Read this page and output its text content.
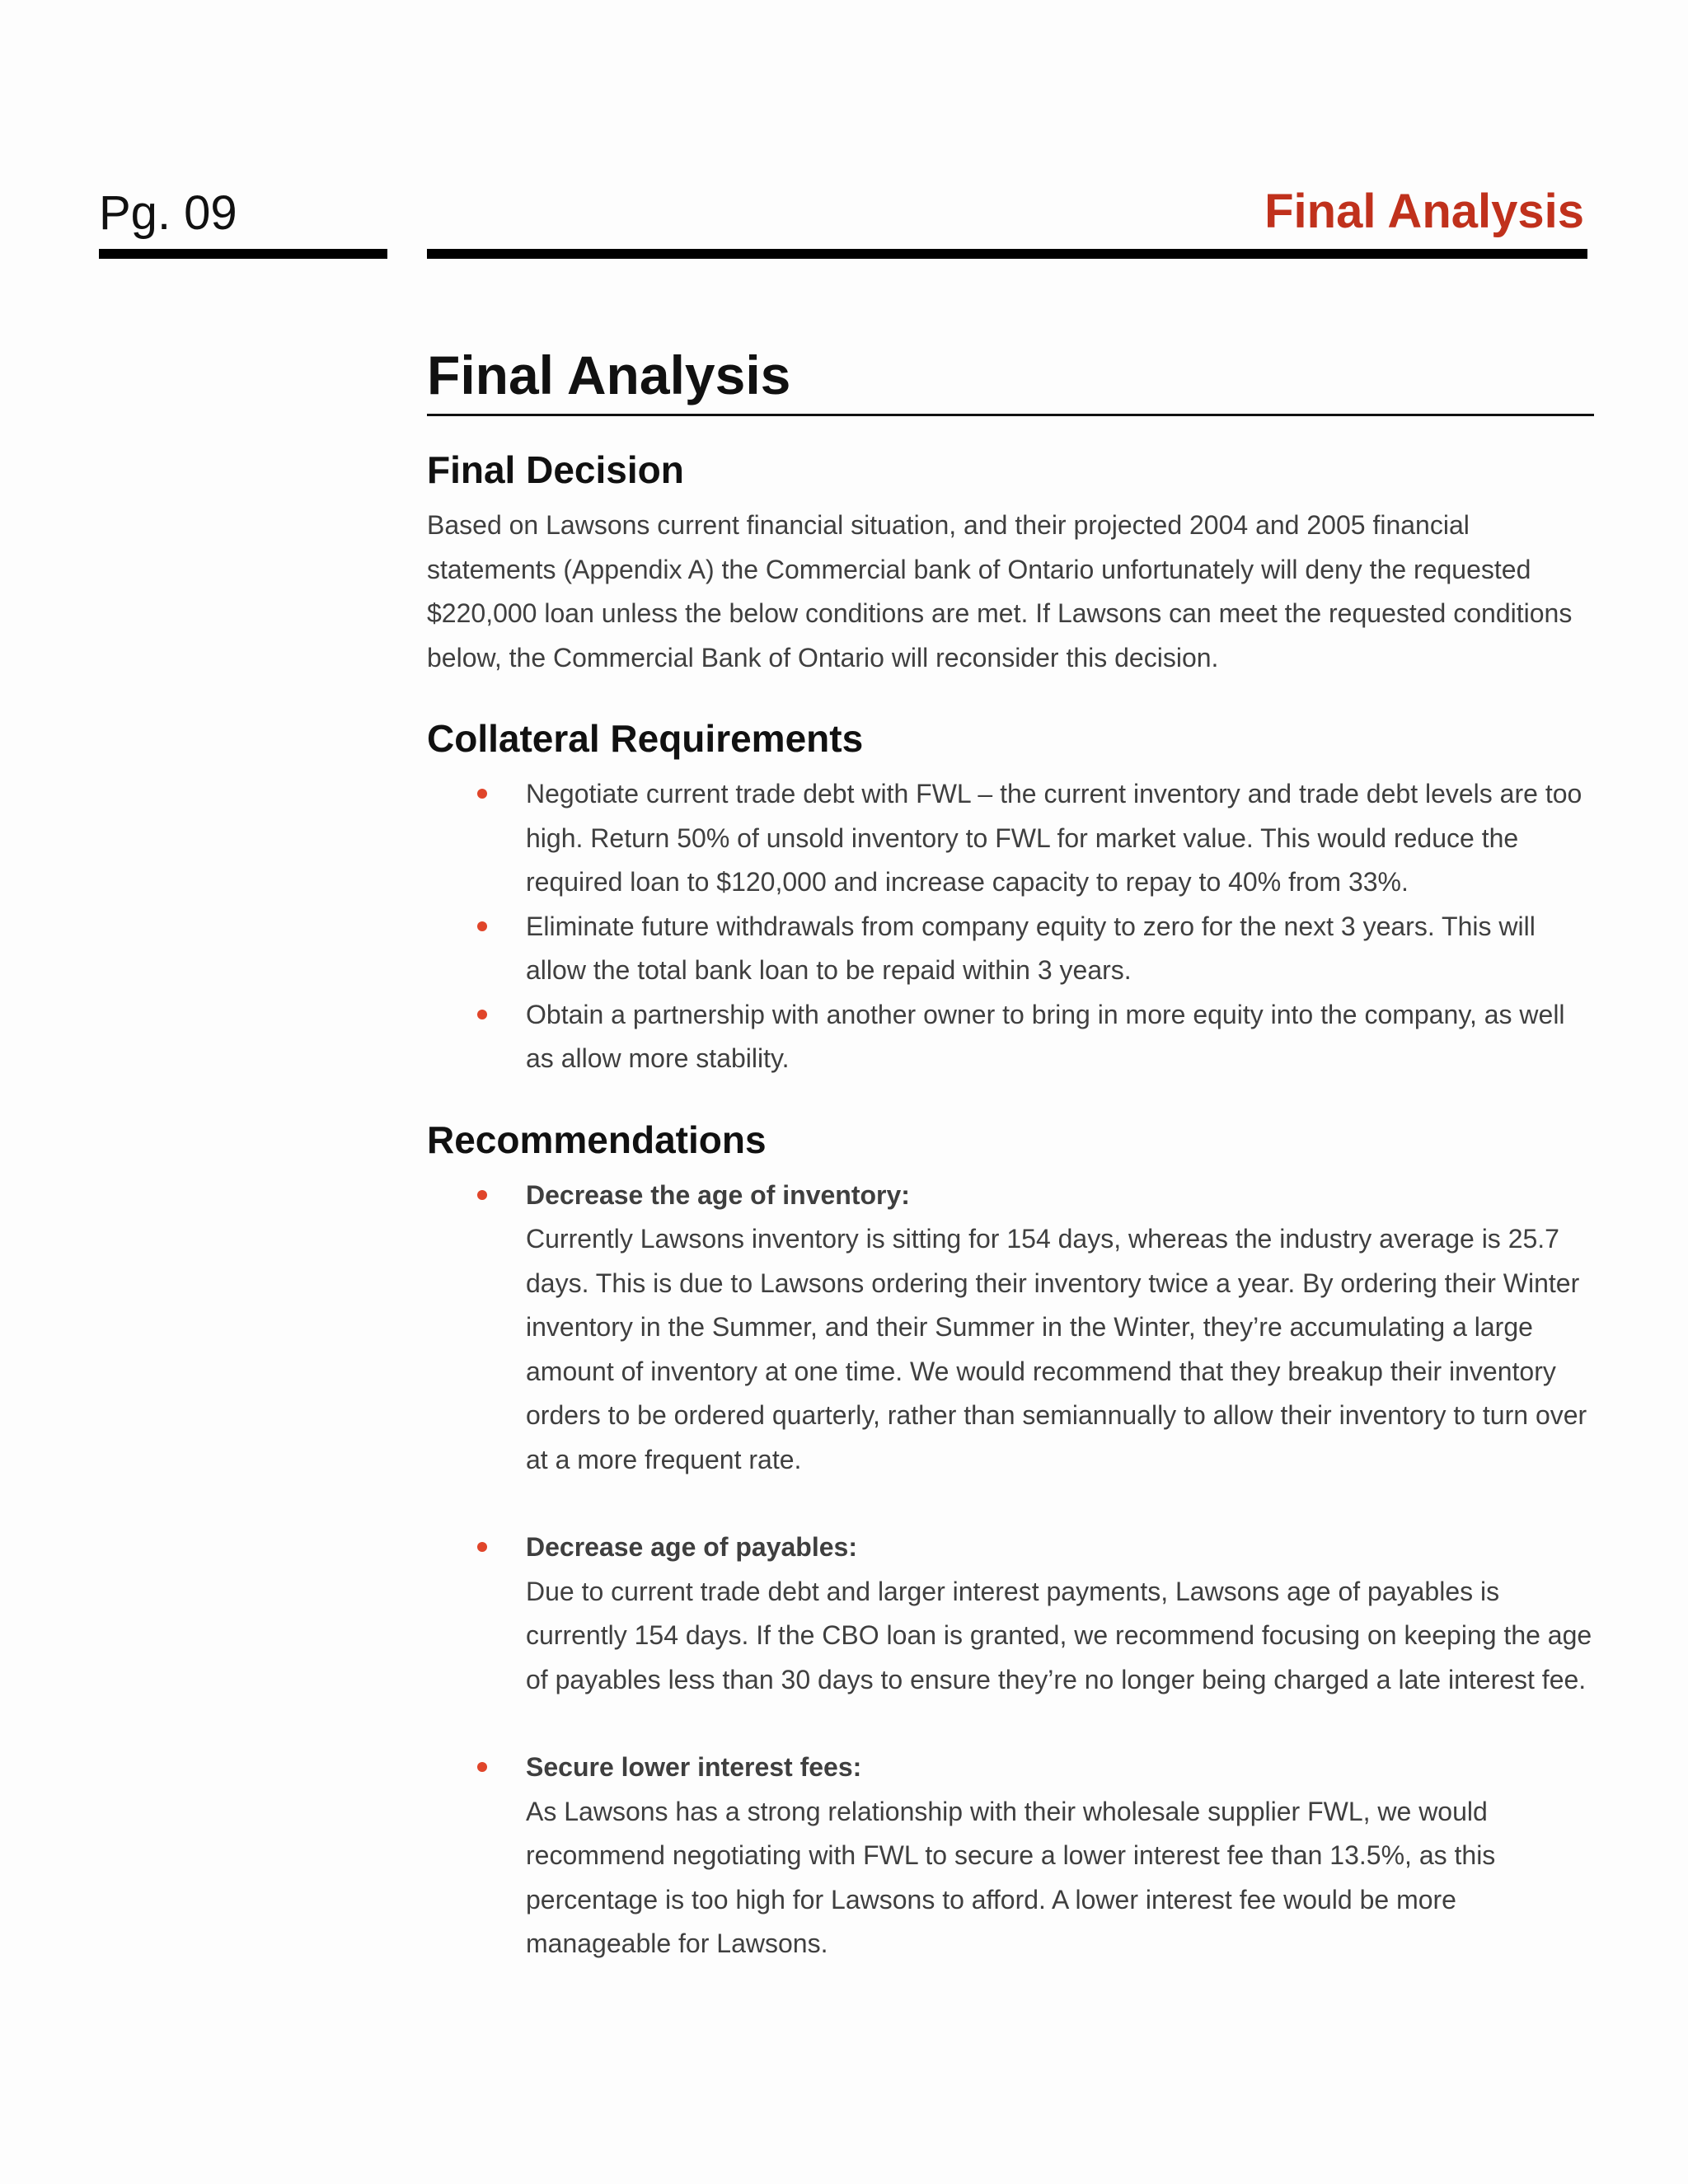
Pg. 09	Final Analysis
Final Analysis
Final Decision

Based on Lawsons current financial situation, and their projected 2004 and 2005 financial statements (Appendix A) the Commercial bank of Ontario unfortunately will deny the requested $220,000 loan unless the below conditions are met. If Lawsons can meet the requested conditions below, the Commercial Bank of Ontario will reconsider this decision.

Collateral Requirements
Negotiate current trade debt with FWL – the current inventory and trade debt levels are too high. Return 50% of unsold inventory to FWL for market value. This would reduce the required loan to $120,000 and increase capacity to repay to 40% from 33%.
Eliminate future withdrawals from company equity to zero for the next 3 years. This will allow the total bank loan to be repaid within 3 years.
Obtain a partnership with another owner to bring in more equity into the company, as well as allow more stability.
Recommendations
Decrease the age of inventory:
Currently Lawsons inventory is sitting for 154 days, whereas the industry average is 25.7 days. This is due to Lawsons ordering their inventory twice a year. By ordering their Winter inventory in the Summer, and their Summer in the Winter, they’re accumulating a large amount of inventory at one time. We would recommend that they breakup their inventory orders to be ordered quarterly, rather than semiannually to allow their inventory to turn over at a more frequent rate.
Decrease age of payables:
Due to current trade debt and larger interest payments, Lawsons age of payables is currently 154 days. If the CBO loan is granted, we recommend focusing on keeping the age of payables less than 30 days to ensure they’re no longer being charged a late interest fee.
Secure lower interest fees:
As Lawsons has a strong relationship with their wholesale supplier FWL, we would recommend negotiating with FWL to secure a lower interest fee than 13.5%, as this percentage is too high for Lawsons to afford. A lower interest fee would be more manageable for Lawsons.
